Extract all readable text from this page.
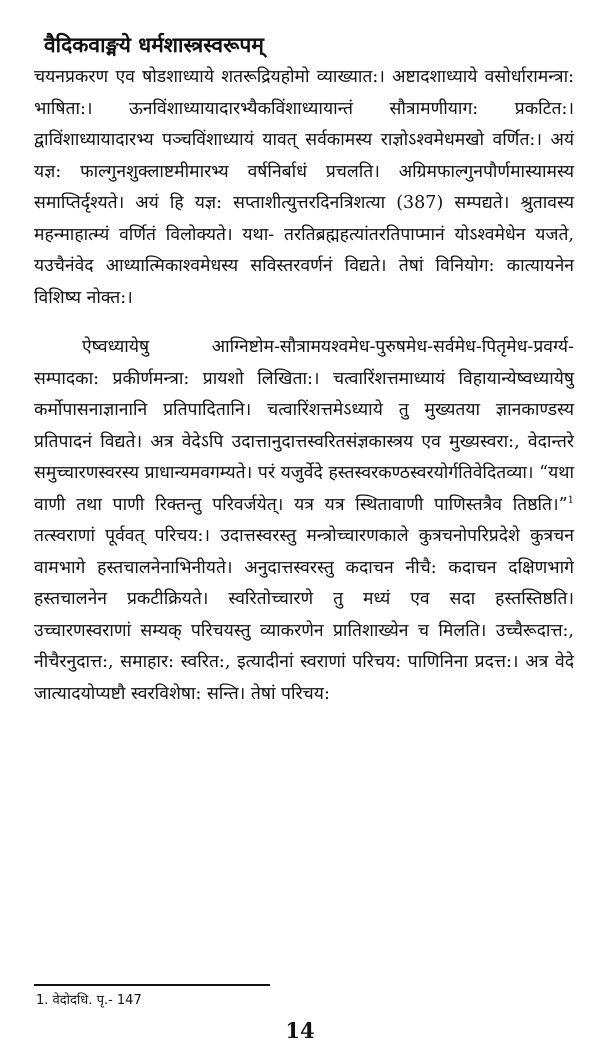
वैदिकवाङ्मये धर्मशास्त्रस्वरूपम्

चयनप्रकरण एव षोडशाध्याये शतरूद्रियहोमो व्याख्यात:। अष्टादशाध्याये वसोर्धारामन्त्रा: भाषिता:। ऊनविंशाध्यायादारभ्यैकविंशाध्यायान्तं सौत्रामणीयाग: प्रकटित:। द्वाविंशाध्यायादारभ्य पञ्चविंशाध्यायं यावत् सर्वकामस्य राज्ञोऽश्वमेधमखो वर्णित:। अयं यज्ञ: फाल्गुनशुक्लाष्टमीमारभ्य वर्षनिर्बाधं प्रचलति। अग्रिमफाल्गुनपौर्णमास्यामस्य समाप्तिर्दृश्यते। अयं हि यज्ञ: सप्ताशीत्युत्तरदिनत्रिशत्या (387) सम्पद्यते। श्रुतावस्य महन्माहात्म्यं वर्णितं विलोक्यते। यथा- तरतिब्रह्महत्यांतरतिपाप्मानं योऽश्वमेधेन यजते, यउचैनंवेद आध्यात्मिकाश्वमेधस्य सविस्तरवर्णनं विद्यते। तेषां विनियोग: कात्यायनेन विशिष्य नोक्त:।

ऐष्वध्यायेषु आग्निष्टोम-सौत्रामयश्वमेध-पुरुषमेध-सर्वमेध-पितृमेध-प्रवर्ग्य-सम्पादका: प्रकीर्णमन्त्रा: प्रायशो लिखिता:। चत्वारिंशत्तमाध्यायं विहायान्येष्वध्यायेषु कर्मोपासनाज्ञानानि प्रतिपादितानि। चत्वारिंशत्तमेऽध्याये तु मुख्यतया ज्ञानकाण्डस्य प्रतिपादनं विद्यते। अत्र वेदेऽपि उदात्तानुदात्तस्वरितसंज्ञकास्त्रय एव मुख्यस्वरा:, वेदान्तरे समुच्चारणस्वरस्य प्राधान्यमवगम्यते। परं यजुर्वेदे हस्तस्वरकण्ठस्वरयोर्गतिवेदितव्या। “यथा वाणी तथा पाणी रिक्तन्तु परिवर्जयेत्। यत्र यत्र स्थितावाणी पाणिस्तत्रैव तिष्ठति।”$^1$ तत्स्वराणां पूर्ववत् परिचय:। उदात्तस्वरस्तु मन्त्रोच्चारणकाले कुत्रचनोपरिप्रदेशे कुत्रचन वामभागे हस्तचालनेनाभिनीयते। अनुदात्तस्वरस्तु कदाचन नीचै: कदाचन दक्षिणभागे हस्तचालनेन प्रकटीक्रियते। स्वरितोच्चारणे तु मध्यं एव सदा हस्तस्तिष्ठति। उच्चारणस्वराणां सम्यक् परिचयस्तु व्याकरणेन प्रातिशाख्येन च मिलति। उच्चैरूदात्त:, नीचैरनुदात्त:, समाहार: स्वरित:, इत्यादीनां स्वराणां परिचय: पाणिनिना प्रदत्त:। अत्र वेदे जात्यादयोप्यष्टौ स्वरविशेषा: सन्ति। तेषां परिचय:

1. वेदोदधि. पृ.- 147
14
